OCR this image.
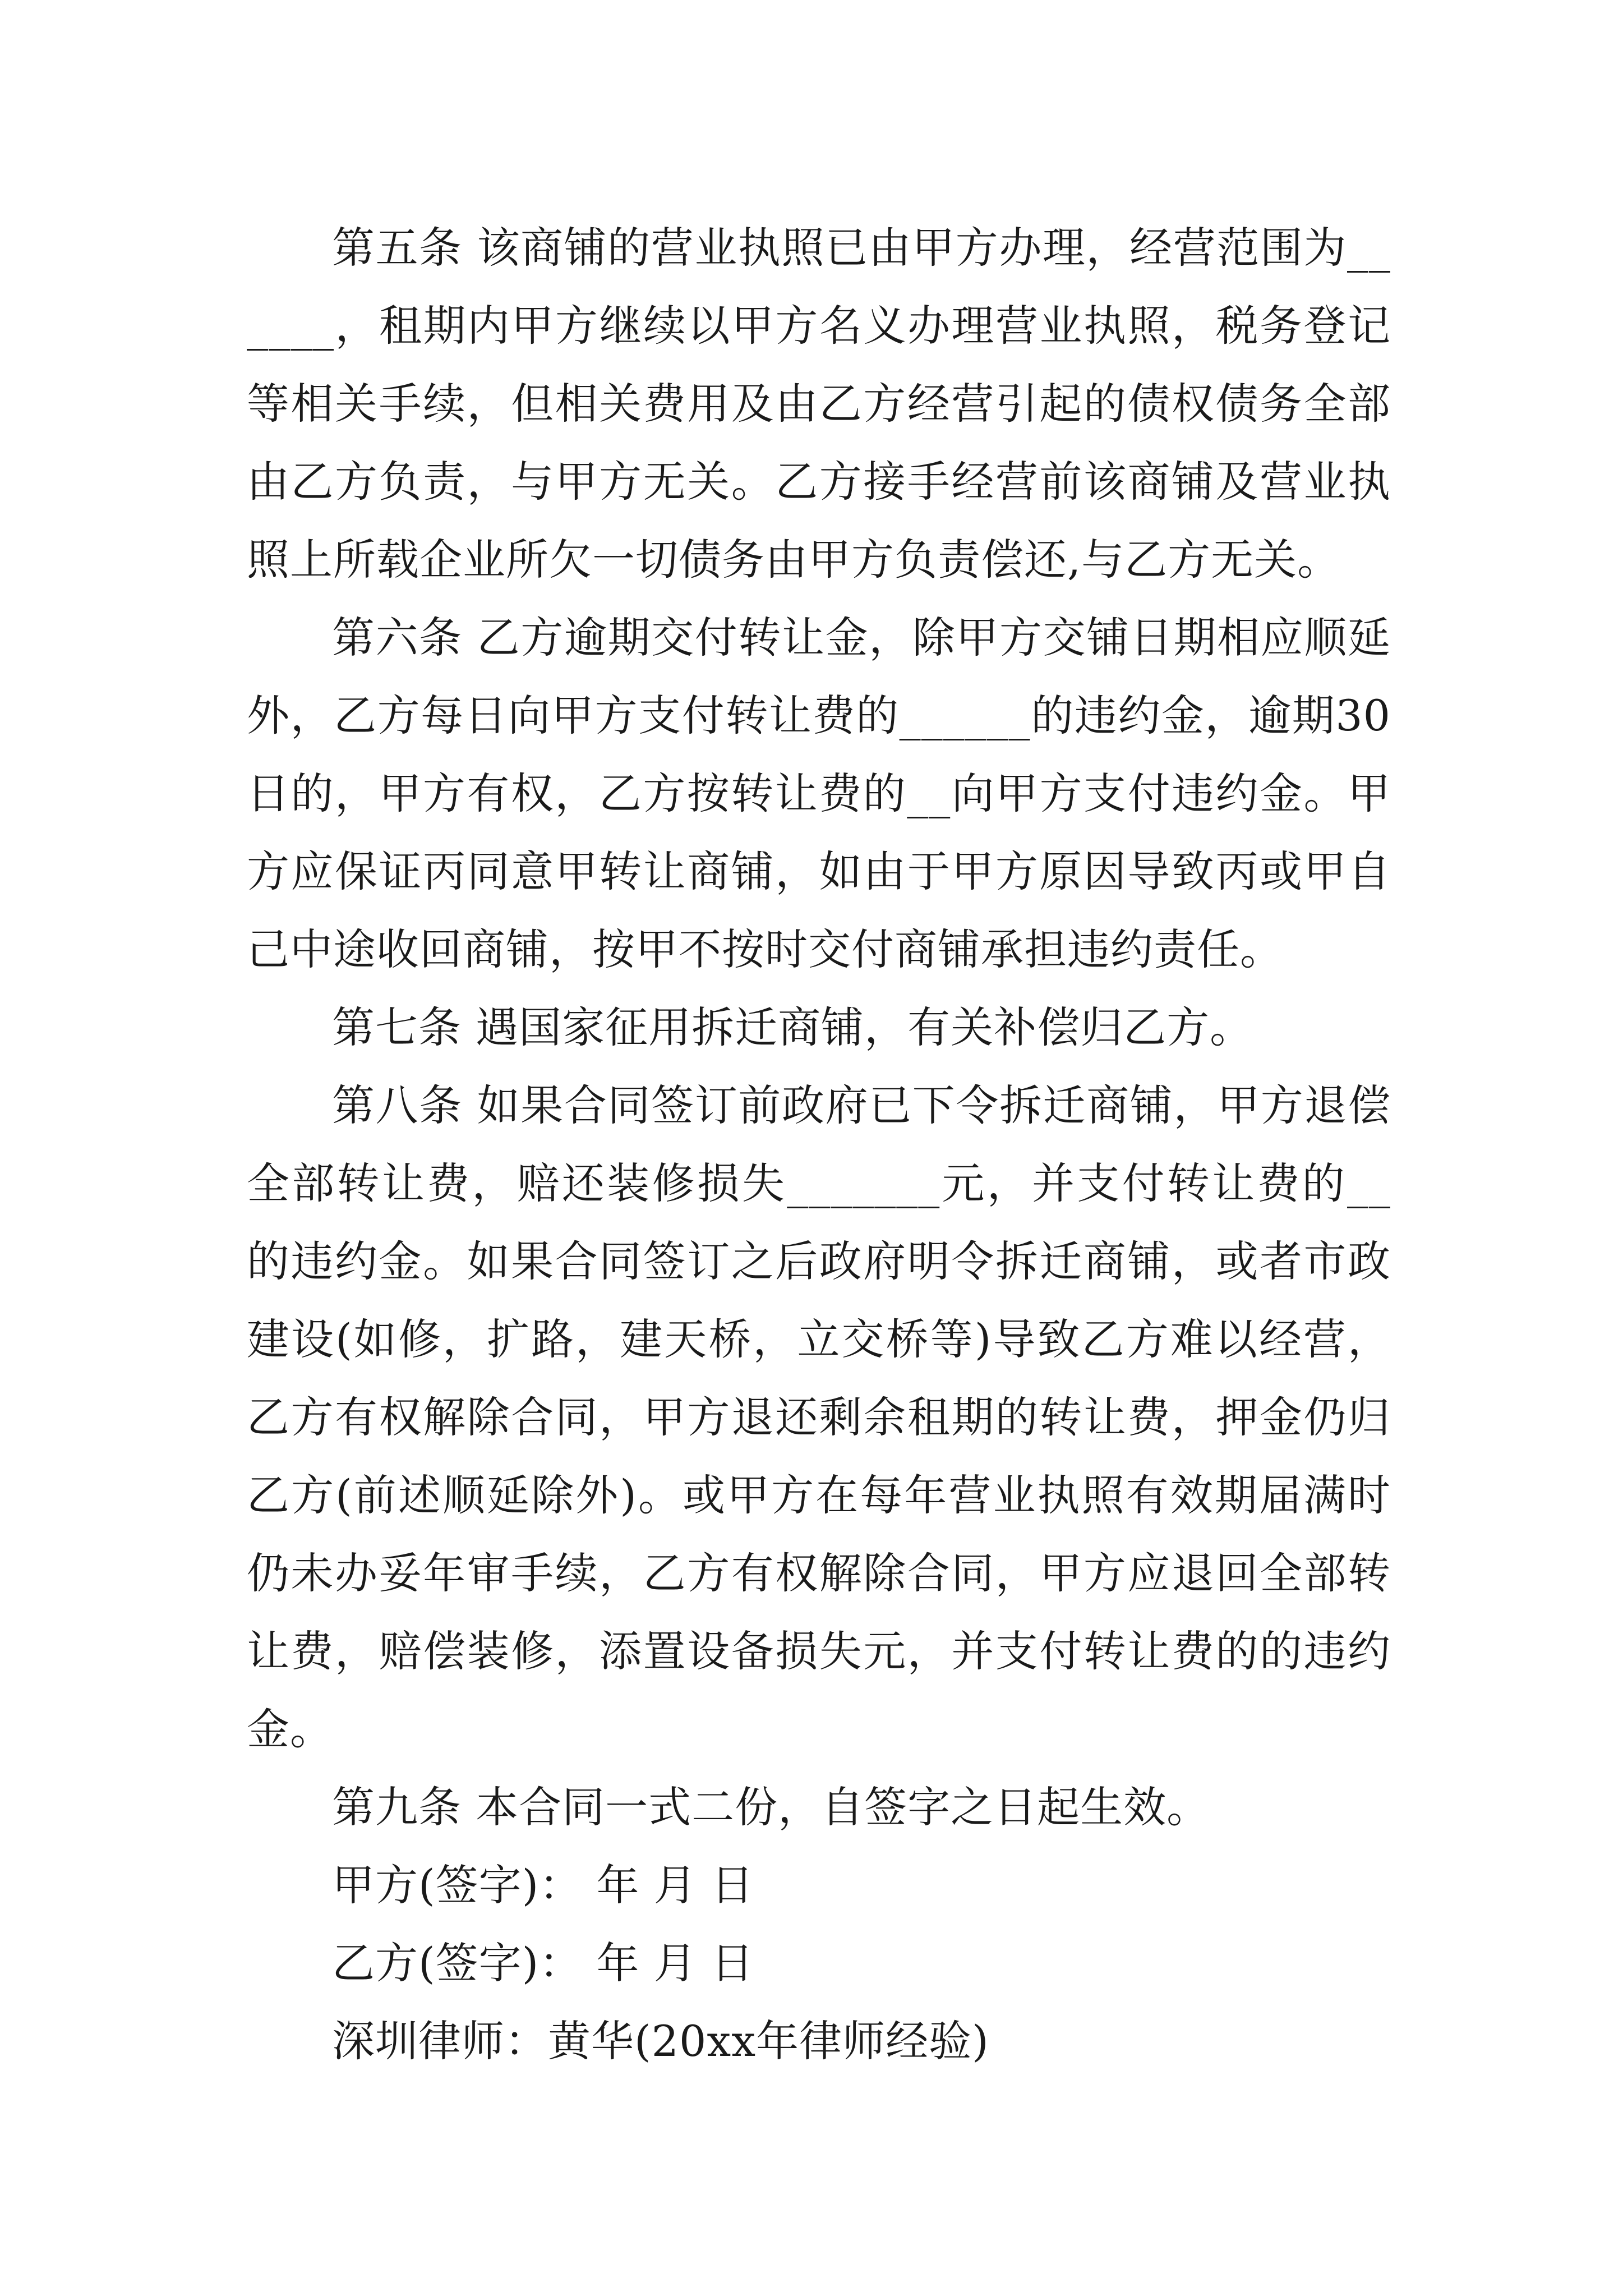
第五条 该商铺的营业执照已由甲方办理，经营范围为______，租期内甲方继续以甲方名义办理营业执照，税务登记等相关手续，但相关费用及由乙方经营引起的债权债务全部由乙方负责，与甲方无关。乙方接手经营前该商铺及营业执照上所载企业所欠一切债务由甲方负责偿还,与乙方无关。

第六条 乙方逾期交付转让金，除甲方交铺日期相应顺延外，乙方每日向甲方支付转让费的______的违约金，逾期30日的，甲方有权，乙方按转让费的__向甲方支付违约金。甲方应保证丙同意甲转让商铺，如由于甲方原因导致丙或甲自己中途收回商铺，按甲不按时交付商铺承担违约责任。

第七条 遇国家征用拆迁商铺，有关补偿归乙方。

第八条 如果合同签订前政府已下令拆迁商铺，甲方退偿全部转让费，赔还装修损失_______元，并支付转让费的__的违约金。如果合同签订之后政府明令拆迁商铺，或者市政建设(如修，扩路，建天桥，立交桥等)导致乙方难以经营，乙方有权解除合同，甲方退还剩余租期的转让费，押金仍归乙方(前述顺延除外)。或甲方在每年营业执照有效期届满时仍未办妥年审手续，乙方有权解除合同，甲方应退回全部转让费，赔偿装修，添置设备损失元，并支付转让费的的违约金。

第九条 本合同一式二份，自签字之日起生效。

甲方(签字)： 年 月 日

乙方(签字)： 年 月 日

深圳律师：黄华(20xx年律师经验)
